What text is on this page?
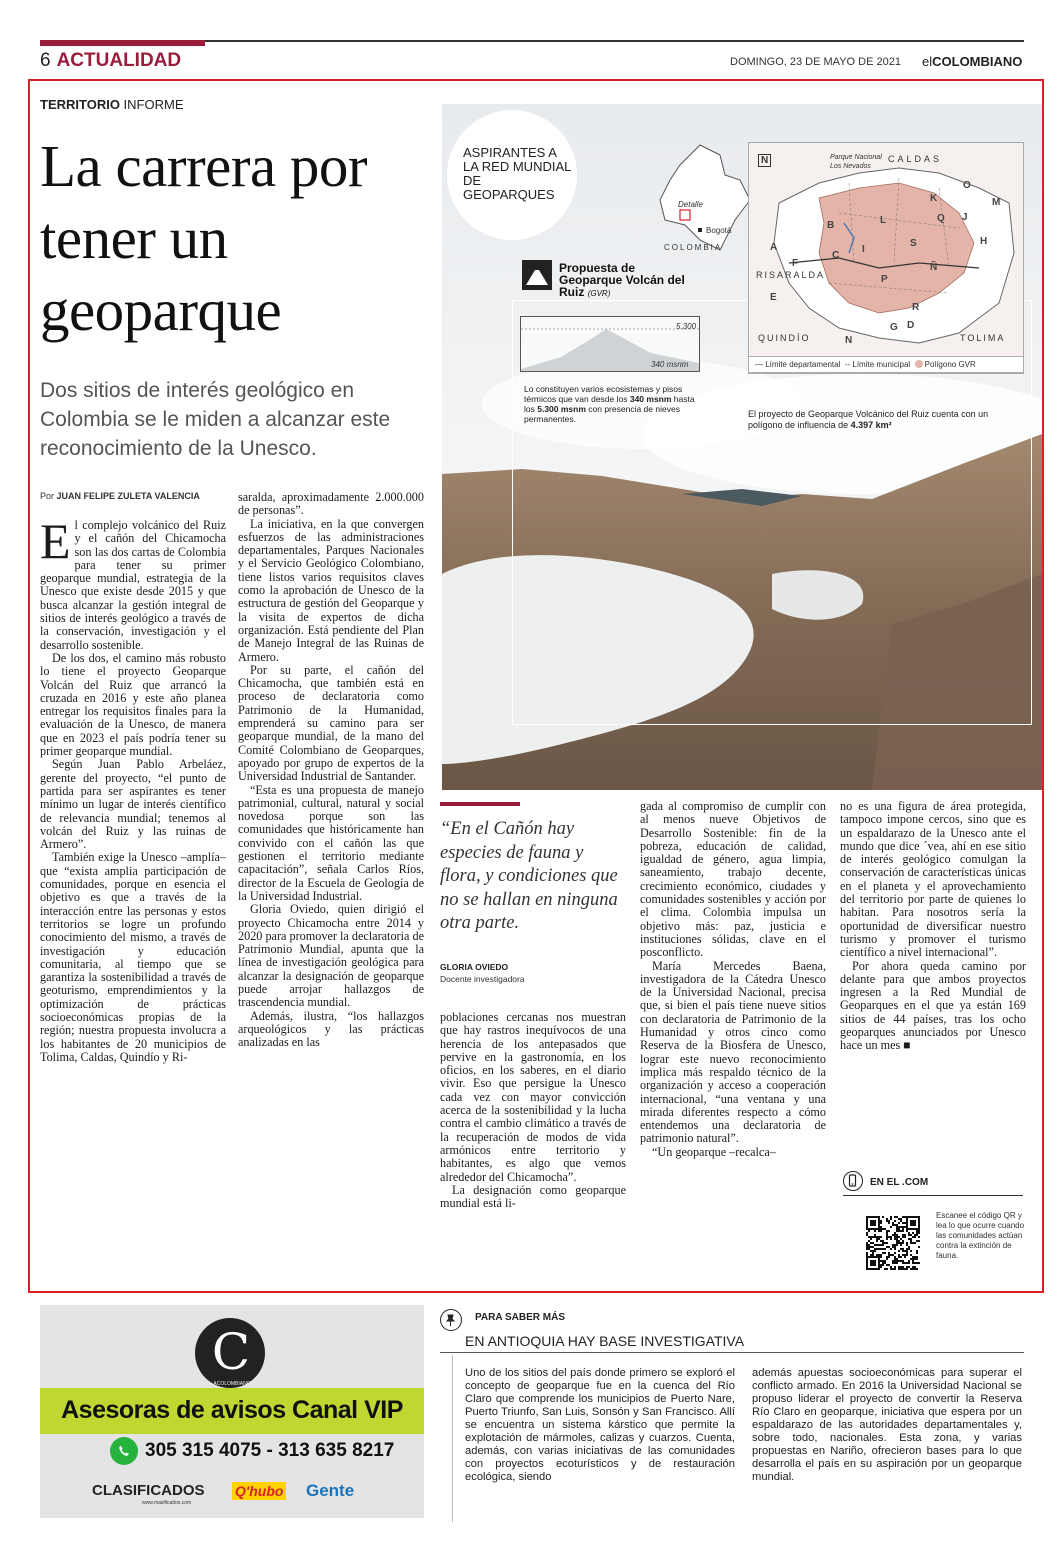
6 ACTUALIDAD	DOMINGO, 23 DE MAYO DE 2021 elCOLOMBIANO
ASPIRANTES A LA RED MUNDIAL DE GEOPARQUES
Detalle
Bogotá
COLOMBIA
Propuesta de Geoparque Volcán del Ruiz (GVR)
5.300
340 msnm
Lo constituyen varios ecosistemas y pisos térmicos que van desde los 340 msnm hasta los 5.300 msnm con presencia de nieves permanentes.
N	Parque Nacional Los Nevados
CALDAS
RISARALDA
QUINDÍO	TOLIMA
A
B
C
D
E
F
G
H
I
J
K
L
M
N
Ñ
O
P
Q
R
S
— Límite departamental -- Límite municipal Polígono GVR
El proyecto de Geoparque Volcánico del Ruiz cuenta con un polígono de influencia de 4.397 km²
TERRITORIO INFORME
La carrera por tener un geoparque
Dos sitios de interés geológico en Colombia se le miden a alcanzar este reconocimiento de la Unesco.
Por JUAN FELIPE ZULETA VALENCIA

El complejo volcánico del Ruiz y el cañón del Chicamocha son las dos cartas de Colombia para tener su primer geoparque mundial, estrategia de la Unesco que existe desde 2015 y que busca alcanzar la gestión integral de sitios de interés geológico a través de la conservación, investigación y el desarrollo sostenible.

De los dos, el camino más robusto lo tiene el proyecto Geoparque Volcán del Ruiz que arrancó la cruzada en 2016 y este año planea entregar los requisitos finales para la evaluación de la Unesco, de manera que en 2023 el país podría tener su primer geoparque mundial.

Según Juan Pablo Arbeláez, gerente del proyecto, “el punto de partida para ser aspirantes es tener mínimo un lugar de interés científico de relevancia mundial; tenemos al volcán del Ruiz y las ruinas de Armero”.

También exige la Unesco –amplía– que “exista amplia participación de comunidades, porque en esencia el objetivo es que a través de la interacción entre las personas y estos territorios se logre un profundo conocimiento del mismo, a través de investigación y educación comunitaria, al tiempo que se garantiza la sostenibilidad a través de geoturismo, emprendimientos y la optimización de prácticas socioeconómicas propias de la región; nuestra propuesta involucra a los habitantes de 20 municipios de Tolima, Caldas, Quindío y Ri-

saralda, aproximadamente 2.000.000 de personas”.

La iniciativa, en la que convergen esfuerzos de las administraciones departamentales, Parques Nacionales y el Servicio Geológico Colombiano, tiene listos varios requisitos claves como la aprobación de Unesco de la estructura de gestión del Geoparque y la visita de expertos de dicha organización. Está pendiente del Plan de Manejo Integral de las Ruinas de Armero.

Por su parte, el cañón del Chicamocha, que también está en proceso de declaratoria como Patrimonio de la Humanidad, emprenderá su camino para ser geoparque mundial, de la mano del Comité Colombiano de Geoparques, apoyado por grupo de expertos de la Universidad Industrial de Santander.

“Esta es una propuesta de manejo patrimonial, cultural, natural y social novedosa porque son las comunidades que históricamente han convivido con el cañón las que gestionen el territorio mediante capacitación”, señala Carlos Ríos, director de la Escuela de Geología de la Universidad Industrial.

Gloria Oviedo, quien dirigió el proyecto Chicamocha entre 2014 y 2020 para promover la declaratoria de Patrimonio Mundial, apunta que la línea de investigación geológica para alcanzar la designación de geoparque puede arrojar hallazgos de trascendencia mundial.

Además, ilustra, “los hallazgos arqueológicos y las prácticas analizadas en las

poblaciones cercanas nos muestran que hay rastros inequívocos de una herencia de los antepasados que pervive en la gastronomía, en los oficios, en los saberes, en el diario vivir. Eso que persigue la Unesco cada vez con mayor convicción acerca de la sostenibilidad y la lucha contra el cambio climático a través de la recuperación de modos de vida armónicos entre territorio y habitantes, es algo que vemos alrededor del Chicamocha”.

La designación como geoparque mundial está li-

gada al compromiso de cumplir con al menos nueve Objetivos de Desarrollo Sostenible: fin de la pobreza, educación de calidad, igualdad de género, agua limpia, saneamiento, trabajo decente, crecimiento económico, ciudades y comunidades sostenibles y acción por el clima. Colombia impulsa un objetivo más: paz, justicia e instituciones sólidas, clave en el posconflicto.

María Mercedes Baena, investigadora de la Cátedra Unesco de la Universidad Nacional, precisa que, si bien el país tiene nueve sitios con declaratoria de Patrimonio de la Humanidad y otros cinco como Reserva de la Biosfera de Unesco, lograr este nuevo reconocimiento implica más respaldo técnico de la organización y acceso a cooperación internacional, “una ventana y una mirada diferentes respecto a cómo entendemos una declaratoria de patrimonio natural”.

“Un geoparque –recalca–

no es una figura de área protegida, tampoco impone cercos, sino que es un espaldarazo de la Unesco ante el mundo que dice ´vea, ahí en ese sitio de interés geológico comulgan la conservación de características únicas en el planeta y el aprovechamiento del territorio por parte de quienes lo habitan. Para nosotros sería la oportunidad de diversificar nuestro turismo y promover el turismo científico a nivel internacional”.

Por ahora queda camino por delante para que ambos proyectos ingresen a la Red Mundial de Geoparques en el que ya están 169 sitios de 44 países, tras los ocho geoparques anunciados por Unesco hace un mes ■

“En el Cañón hay especies de fauna y flora, y condiciones que no se hallan en ninguna otra parte.
GLORIA OVIEDO
Docente investigadora
EN EL .COM
Escanee el código QR y lea lo que ocurre cuando las comunidades actúan contra la extinción de fauna.
C
ACOLOMBIANO
Asesoras de avisos Canal VIP
305 315 4075 - 313 635 8217
CLASIFICADOS
www.masificados.com
Q'hubo Gente
PARA SABER MÁS
EN ANTIOQUIA HAY BASE INVESTIGATIVA
Uno de los sitios del país donde primero se exploró el concepto de geoparque fue en la cuenca del Río Claro que comprende los municipios de Puerto Nare, Puerto Triunfo, San Luis, Sonsón y San Francisco. Allí se encuentra un sistema kárstico que permite la explotación de mármoles, calizas y cuarzos. Cuenta, además, con varias iniciativas de las comunidades con proyectos ecoturísticos y de restauración ecológica, siendo
además apuestas socioeconómicas para superar el conflicto armado. En 2016 la Universidad Nacional se propuso liderar el proyecto de convertir la Reserva Río Claro en geoparque, iniciativa que espera por un espaldarazo de las autoridades departamentales y, sobre todo, nacionales. Esta zona, y varias propuestas en Nariño, ofrecieron bases para lo que desarrolla el país en su aspiración por un geoparque mundial.
